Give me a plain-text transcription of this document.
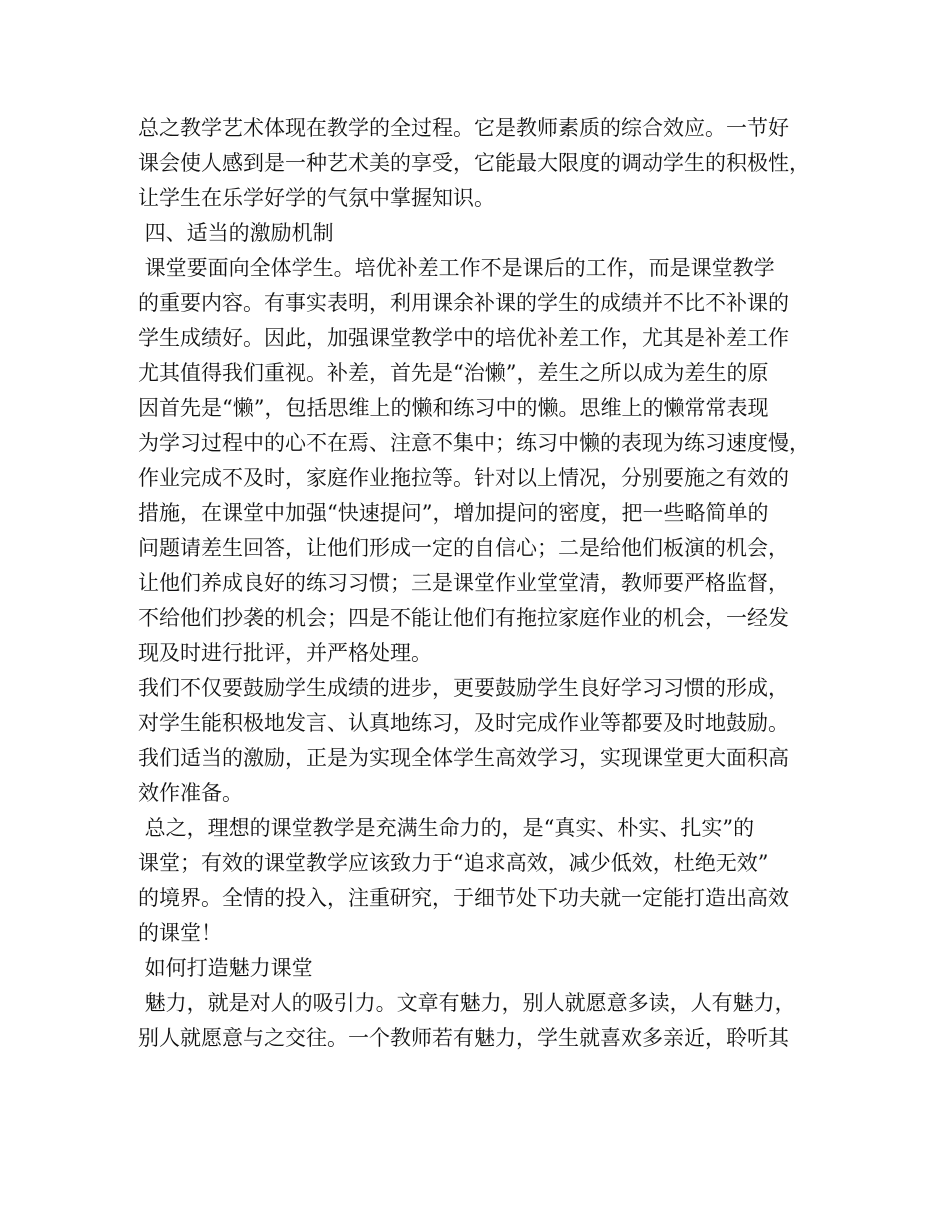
总之教学艺术体现在教学的全过程。它是教师素质的综合效应。一节好
课会使人感到是一种艺术美的享受，它能最大限度的调动学生的积极性，
让学生在乐学好学的气氛中掌握知识。
四、适当的激励机制
课堂要面向全体学生。培优补差工作不是课后的工作，而是课堂教学
的重要内容。有事实表明，利用课余补课的学生的成绩并不比不补课的
学生成绩好。因此，加强课堂教学中的培优补差工作，尤其是补差工作
尤其值得我们重视。补差，首先是“治懒”，差生之所以成为差生的原
因首先是“懒”，包括思维上的懒和练习中的懒。思维上的懒常常表现
为学习过程中的心不在焉、注意不集中；练习中懒的表现为练习速度慢，
作业完成不及时，家庭作业拖拉等。针对以上情况，分别要施之有效的
措施，在课堂中加强“快速提问”，增加提问的密度，把一些略简单的
问题请差生回答，让他们形成一定的自信心；二是给他们板演的机会，
让他们养成良好的练习习惯；三是课堂作业堂堂清，教师要严格监督，
不给他们抄袭的机会；四是不能让他们有拖拉家庭作业的机会，一经发
现及时进行批评，并严格处理。
我们不仅要鼓励学生成绩的进步，更要鼓励学生良好学习习惯的形成，
对学生能积极地发言、认真地练习，及时完成作业等都要及时地鼓励。
我们适当的激励，正是为实现全体学生高效学习，实现课堂更大面积高
效作准备。
总之，理想的课堂教学是充满生命力的，是“真实、朴实、扎实”的
课堂；有效的课堂教学应该致力于“追求高效，减少低效，杜绝无效”
的境界。全情的投入，注重研究，于细节处下功夫就一定能打造出高效
的课堂！
如何打造魅力课堂
魅力，就是对人的吸引力。文章有魅力，别人就愿意多读，人有魅力，
别人就愿意与之交往。一个教师若有魅力，学生就喜欢多亲近，聆听其
